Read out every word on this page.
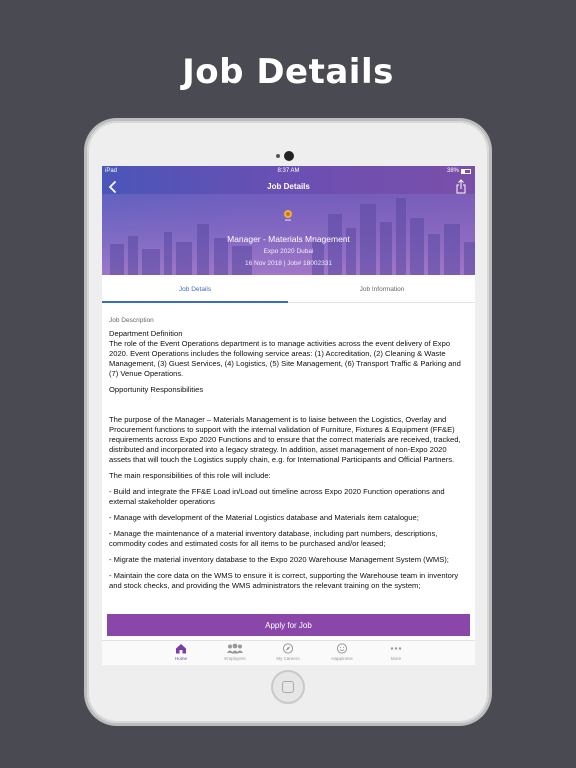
Job Details
iPad	8:37 AM	38%
Job Details
Manager - Materials Mnagement
Expo 2020 Dubai
16 Nov 2018 | Job# 18002331
Job Details	Job Information
Job Description
Department Definition

The role of the Event Operations department is to manage activities across the event delivery of Expo 2020. Event Operations includes the following service areas: (1) Accreditation, (2) Cleaning & Waste Management, (3) Guest Services, (4) Logistics, (5) Site Management, (6) Transport Traffic & Parking and (7) Venue Operations.

Opportunity Responsibilities

The purpose of the Manager – Materials Management is to liaise between the Logistics, Overlay and Procurement functions to support with the internal validation of Furniture, Fixtures & Equipment (FF&E) requirements across Expo 2020 Functions and to ensure that the correct materials are received, tracked, distributed and incorporated into a legacy strategy. In addition, asset management of non-Expo 2020 assets that will touch the Logistics supply chain, e.g. for International Participants and Official Partners.

The main responsibilities of this role will include:

- Build and integrate the FF&E Load in/Load out timeline across Expo 2020 Function operations and external stakeholder operations

- Manage with development of the Material Logistics database and Materials item catalogue;

- Manage the maintenance of a material inventory database, including part numbers, descriptions, commodity codes and estimated costs for all items to be purchased and/or leased;

- Migrate the material inventory database to the Expo 2020 Warehouse Management System (WMS);

- Maintain the core data on the WMS to ensure it is correct, supporting the Warehouse team in inventory and stock checks, and providing the WMS administrators the relevant training on the system;

Apply for Job
Home	Employers	My Careers	Happiness	More
